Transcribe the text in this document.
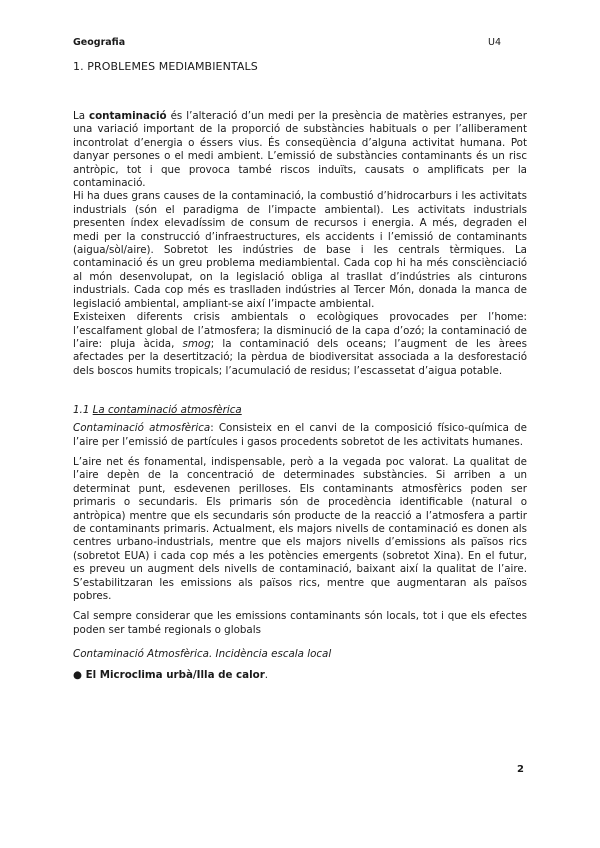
Geografia	U4
1. PROBLEMES MEDIAMBIENTALS

La contaminació és l’alteració d’un medi per la presència de matèries estranyes, per una variació important de la proporció de substàncies habituals o per l’alliberament incontrolat d’energia o éssers vius. És conseqüència d’alguna activitat humana. Pot danyar persones o el medi ambient. L’emissió de substàncies contaminants és un risc antròpic, tot i que provoca també riscos induïts, causats o amplificats per la contaminació.

Hi ha dues grans causes de la contaminació, la combustió d’hidrocarburs i les activitats industrials (són el paradigma de l’impacte ambiental). Les activitats industrials presenten índex elevadíssim de consum de recursos i energia. A més, degraden el medi per la construcció d’infraestructures, els accidents i l’emissió de contaminants (aigua/sòl/aire). Sobretot les indústries de base i les centrals tèrmiques. La contaminació és un greu problema mediambiental. Cada cop hi ha més consciènciació al món desenvolupat, on la legislació obliga al trasllat d’indústries als cinturons industrials. Cada cop més es traslladen indústries al Tercer Món, donada la manca de legislació ambiental, ampliant-se així l’impacte ambiental.

Existeixen diferents crisis ambientals o ecològiques provocades per l’home: l’escalfament global de l’atmosfera; la disminució de la capa d’ozó; la contaminació de l’aire: pluja àcida, smog; la contaminació dels oceans; l’augment de les àrees afectades per la desertització; la pèrdua de biodiversitat associada a la desforestació dels boscos humits tropicals; l’acumulació de residus; l’escassetat d’aigua potable.

1.1 La contaminació atmosfèrica

Contaminació atmosfèrica: Consisteix en el canvi de la composició físico-química de l’aire per l’emissió de partícules i gasos procedents sobretot de les activitats humanes.

L’aire net és fonamental, indispensable, però a la vegada poc valorat. La qualitat de l’aire depèn de la concentració de determinades substàncies. Si arriben a un determinat punt, esdevenen perilloses. Els contaminants atmosfèrics poden ser primaris o secundaris. Els primaris són de procedència identificable (natural o antròpica) mentre que els secundaris són producte de la reacció a l’atmosfera a partir de contaminants primaris. Actualment, els majors nivells de contaminació es donen als centres urbano-industrials, mentre que els majors nivells d’emissions als països rics (sobretot EUA) i cada cop més a les potències emergents (sobretot Xina). En el futur, es preveu un augment dels nivells de contaminació, baixant així la qualitat de l’aire. S’estabilitzaran les emissions als països rics, mentre que augmentaran als països pobres.

Cal sempre considerar que les emissions contaminants són locals, tot i que els efectes poden ser també regionals o globals

Contaminació Atmosfèrica. Incidència escala local
● El Microclima urbà/Illa de calor.
2
